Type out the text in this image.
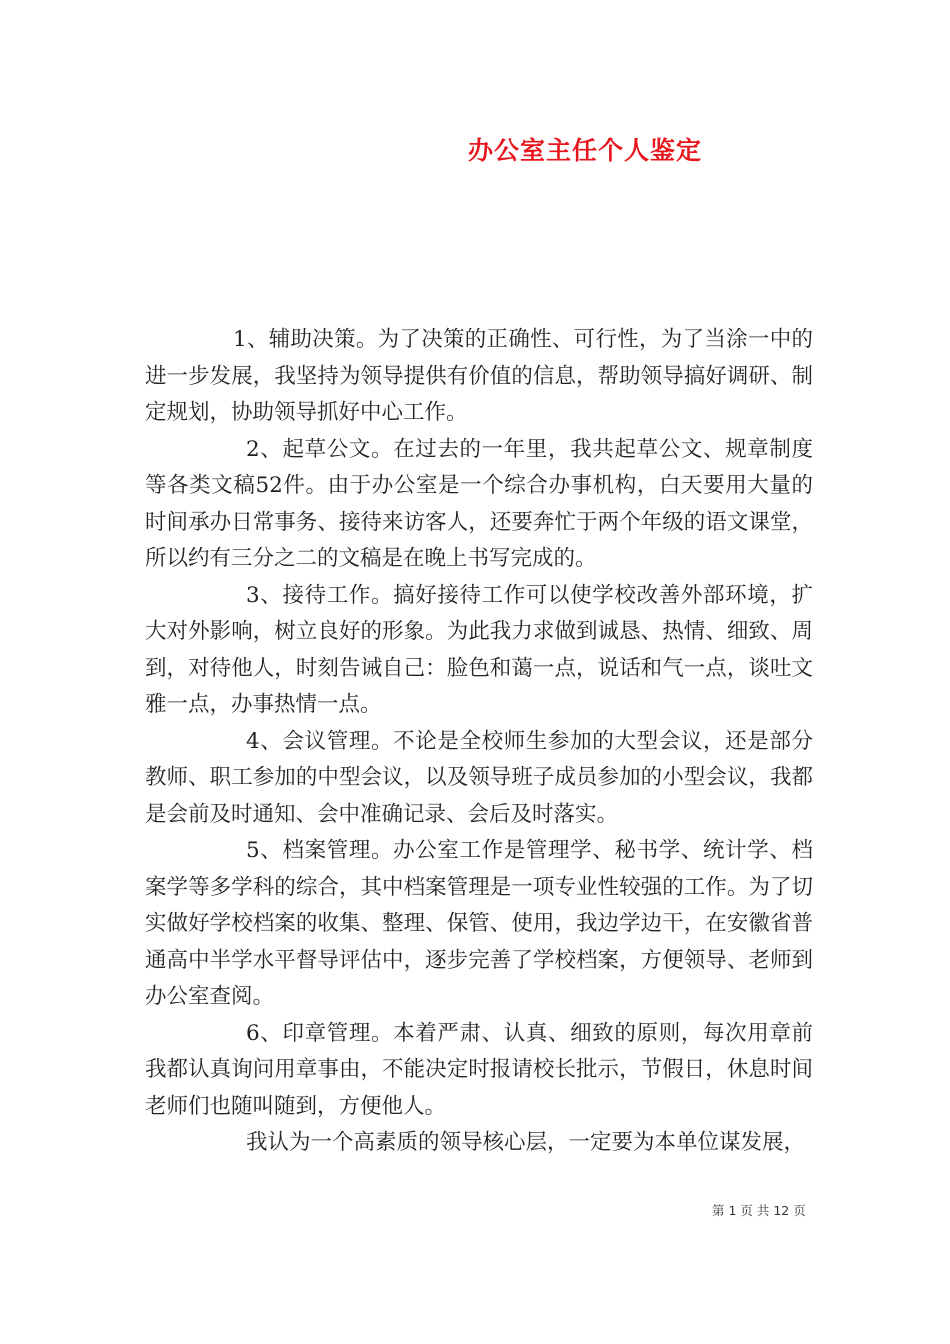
办公室主任个人鉴定

1、辅助决策。为了决策的正确性、可行性，为了当涂一中的进一步发展，我坚持为领导提供有价值的信息，帮助领导搞好调研、制定规划，协助领导抓好中心工作。

2、起草公文。在过去的一年里，我共起草公文、规章制度等各类文稿52件。由于办公室是一个综合办事机构，白天要用大量的时间承办日常事务、接待来访客人，还要奔忙于两个年级的语文课堂，所以约有三分之二的文稿是在晚上书写完成的。

3、接待工作。搞好接待工作可以使学校改善外部环境，扩大对外影响，树立良好的形象。为此我力求做到诚恳、热情、细致、周到，对待他人，时刻告诫自己：脸色和蔼一点，说话和气一点，谈吐文雅一点，办事热情一点。

4、会议管理。不论是全校师生参加的大型会议，还是部分教师、职工参加的中型会议，以及领导班子成员参加的小型会议，我都是会前及时通知、会中准确记录、会后及时落实。

5、档案管理。办公室工作是管理学、秘书学、统计学、档案学等多学科的综合，其中档案管理是一项专业性较强的工作。为了切实做好学校档案的收集、整理、保管、使用，我边学边干，在安徽省普通高中半学水平督导评估中，逐步完善了学校档案，方便领导、老师到办公室查阅。

6、印章管理。本着严肃、认真、细致的原则，每次用章前我都认真询问用章事由，不能决定时报请校长批示，节假日，休息时间老师们也随叫随到，方便他人。

我认为一个高素质的领导核心层，一定要为本单位谋发展，

第 1 页 共 12 页
